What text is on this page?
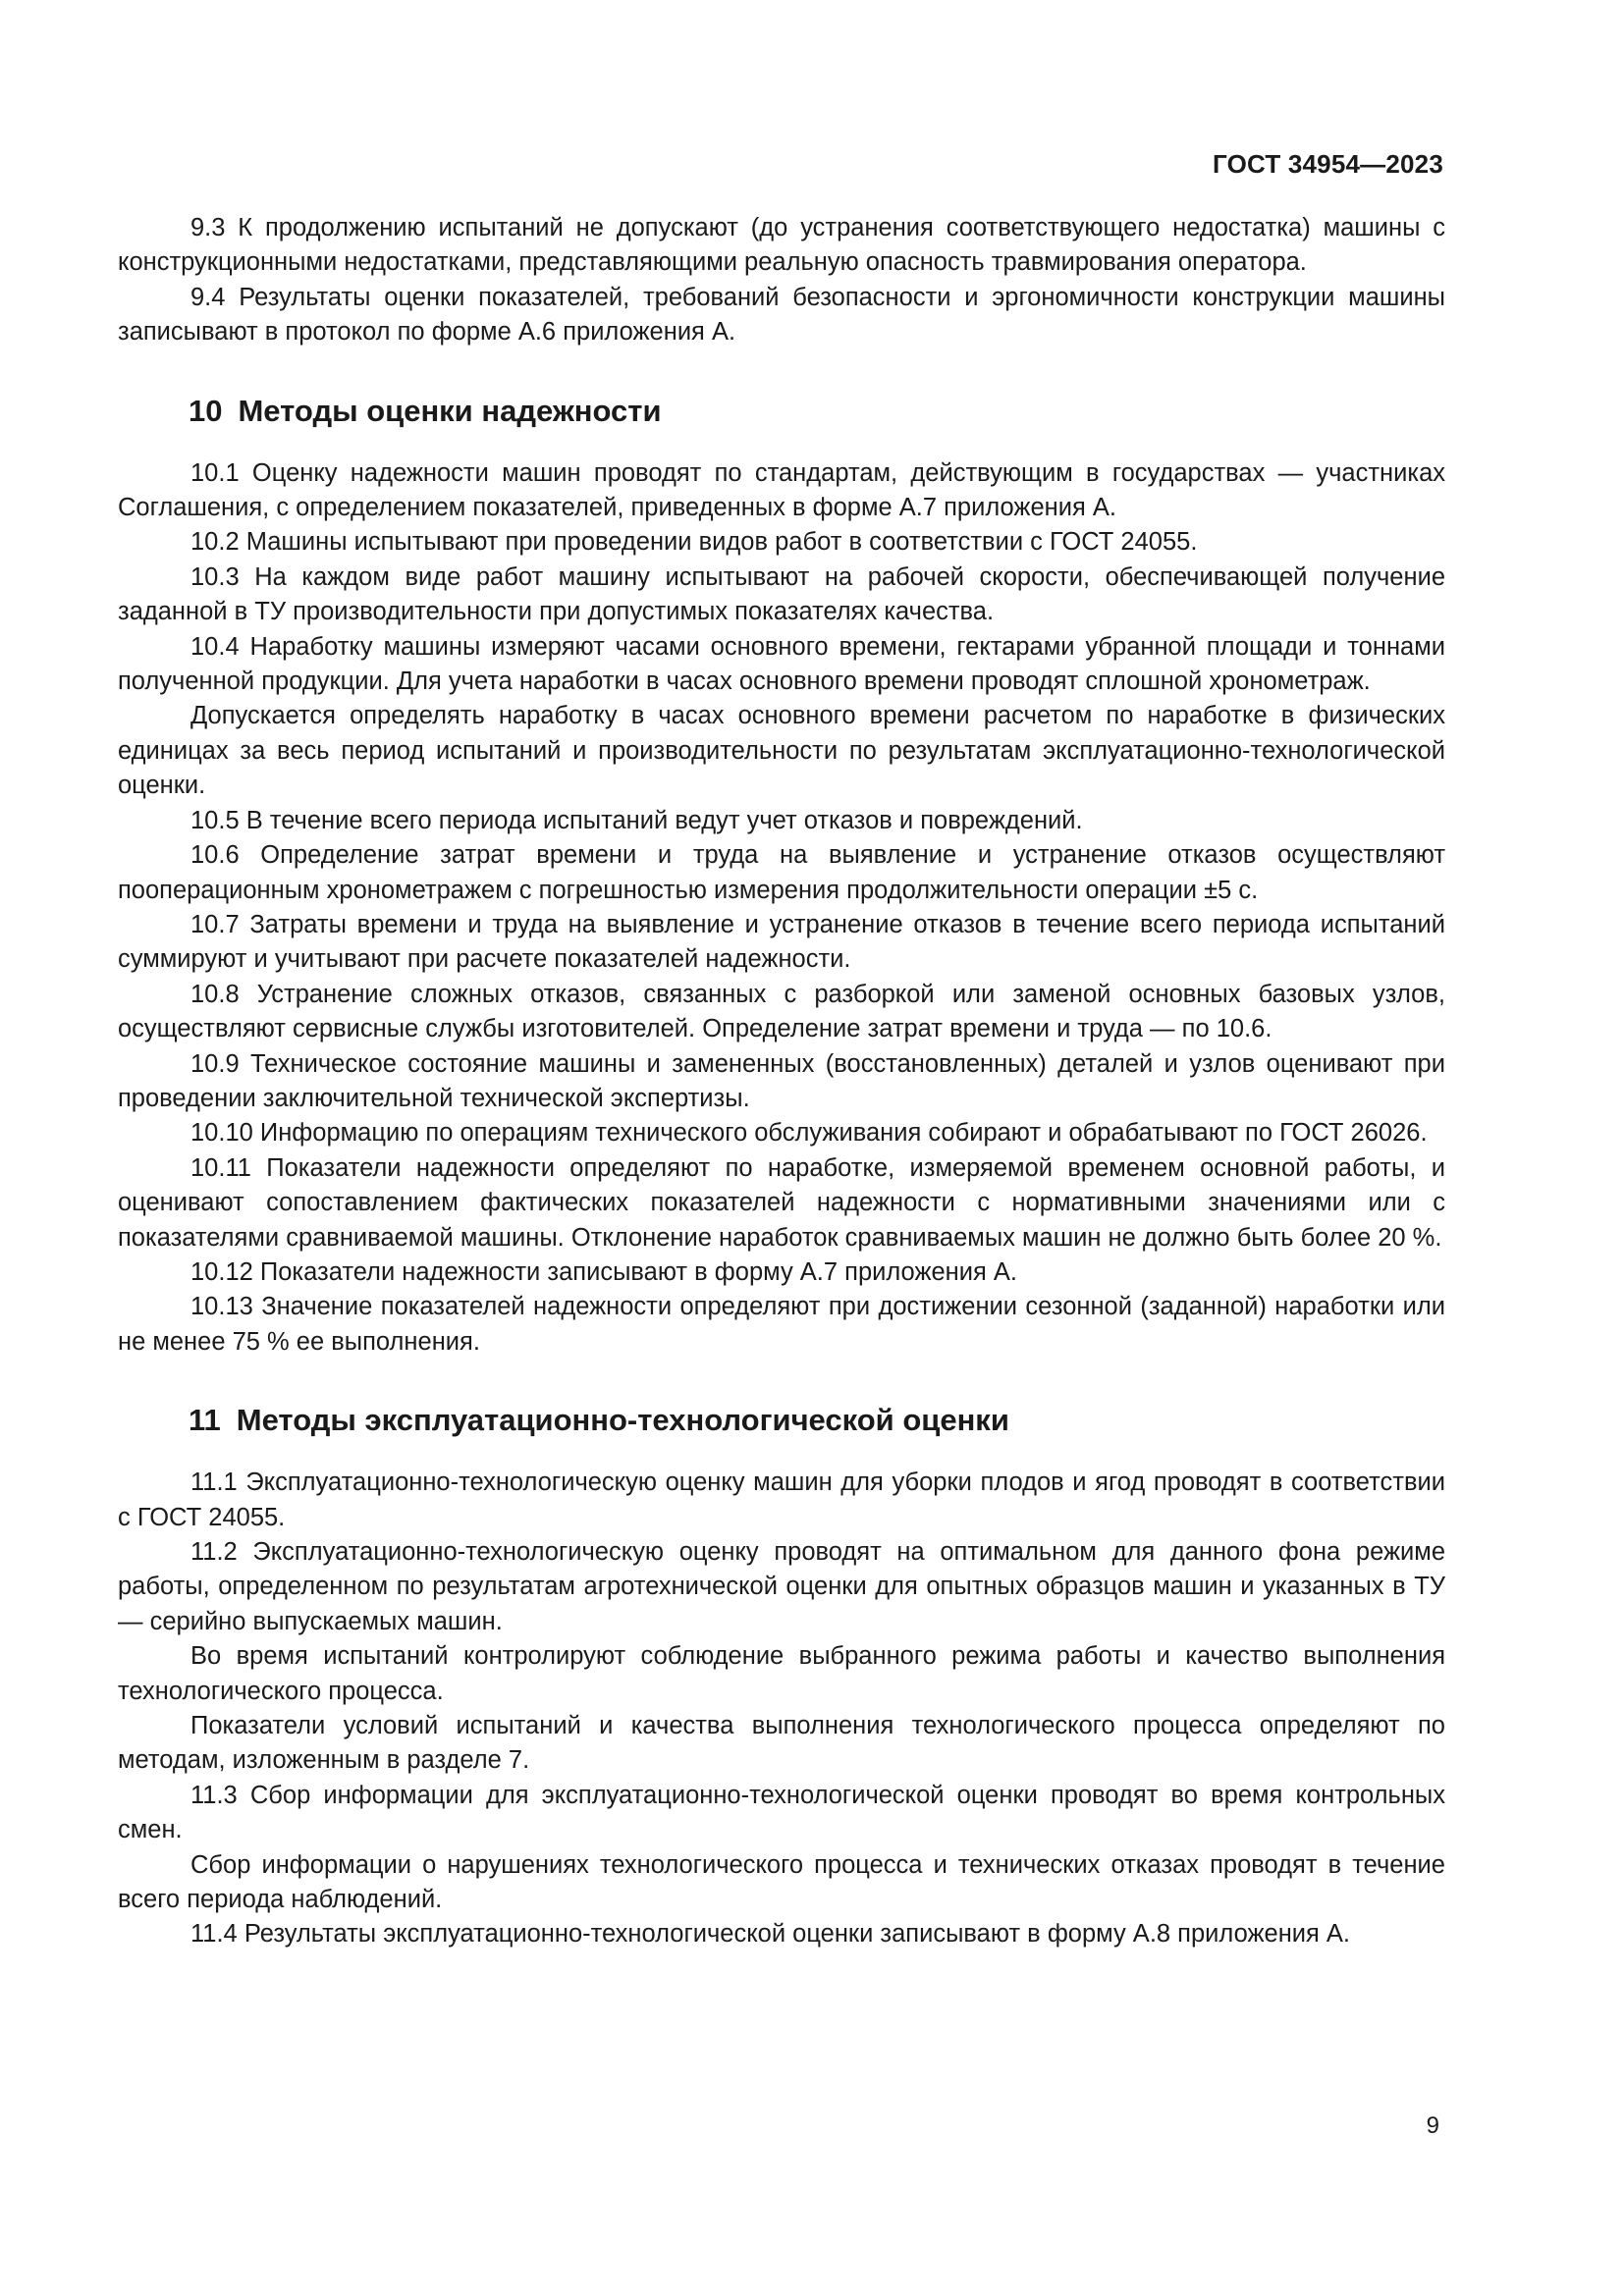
ГОСТ 34954—2023

9.3 К продолжению испытаний не допускают (до устранения соответствующего недостатка) машины с конструкционными недостатками, представляющими реальную опасность травмирования оператора.

9.4 Результаты оценки показателей, требований безопасности и эргономичности конструкции машины записывают в протокол по форме А.6 приложения А.

10 Методы оценки надежности

10.1 Оценку надежности машин проводят по стандартам, действующим в государствах — участниках Соглашения, с определением показателей, приведенных в форме А.7 приложения А.

10.2 Машины испытывают при проведении видов работ в соответствии с ГОСТ 24055.

10.3 На каждом виде работ машину испытывают на рабочей скорости, обеспечивающей получение заданной в ТУ производительности при допустимых показателях качества.

10.4 Наработку машины измеряют часами основного времени, гектарами убранной площади и тоннами полученной продукции. Для учета наработки в часах основного времени проводят сплошной хронометраж.

Допускается определять наработку в часах основного времени расчетом по наработке в физических единицах за весь период испытаний и производительности по результатам эксплуатационно-технологической оценки.

10.5 В течение всего периода испытаний ведут учет отказов и повреждений.

10.6 Определение затрат времени и труда на выявление и устранение отказов осуществляют пооперационным хронометражем с погрешностью измерения продолжительности операции ±5 с.

10.7 Затраты времени и труда на выявление и устранение отказов в течение всего периода испытаний суммируют и учитывают при расчете показателей надежности.

10.8 Устранение сложных отказов, связанных с разборкой или заменой основных базовых узлов, осуществляют сервисные службы изготовителей. Определение затрат времени и труда — по 10.6.

10.9 Техническое состояние машины и замененных (восстановленных) деталей и узлов оценивают при проведении заключительной технической экспертизы.

10.10 Информацию по операциям технического обслуживания собирают и обрабатывают по ГОСТ 26026.

10.11 Показатели надежности определяют по наработке, измеряемой временем основной работы, и оценивают сопоставлением фактических показателей надежности с нормативными значениями или с показателями сравниваемой машины. Отклонение наработок сравниваемых машин не должно быть более 20 %.

10.12 Показатели надежности записывают в форму А.7 приложения А.

10.13 Значение показателей надежности определяют при достижении сезонной (заданной) наработки или не менее 75 % ее выполнения.

11 Методы эксплуатационно-технологической оценки

11.1 Эксплуатационно-технологическую оценку машин для уборки плодов и ягод проводят в соответствии с ГОСТ 24055.

11.2 Эксплуатационно-технологическую оценку проводят на оптимальном для данного фона режиме работы, определенном по результатам агротехнической оценки для опытных образцов машин и указанных в ТУ — серийно выпускаемых машин.

Во время испытаний контролируют соблюдение выбранного режима работы и качество выполнения технологического процесса.

Показатели условий испытаний и качества выполнения технологического процесса определяют по методам, изложенным в разделе 7.

11.3 Сбор информации для эксплуатационно-технологической оценки проводят во время контрольных смен.

Сбор информации о нарушениях технологического процесса и технических отказах проводят в течение всего периода наблюдений.

11.4 Результаты эксплуатационно-технологической оценки записывают в форму А.8 приложения А.

9
